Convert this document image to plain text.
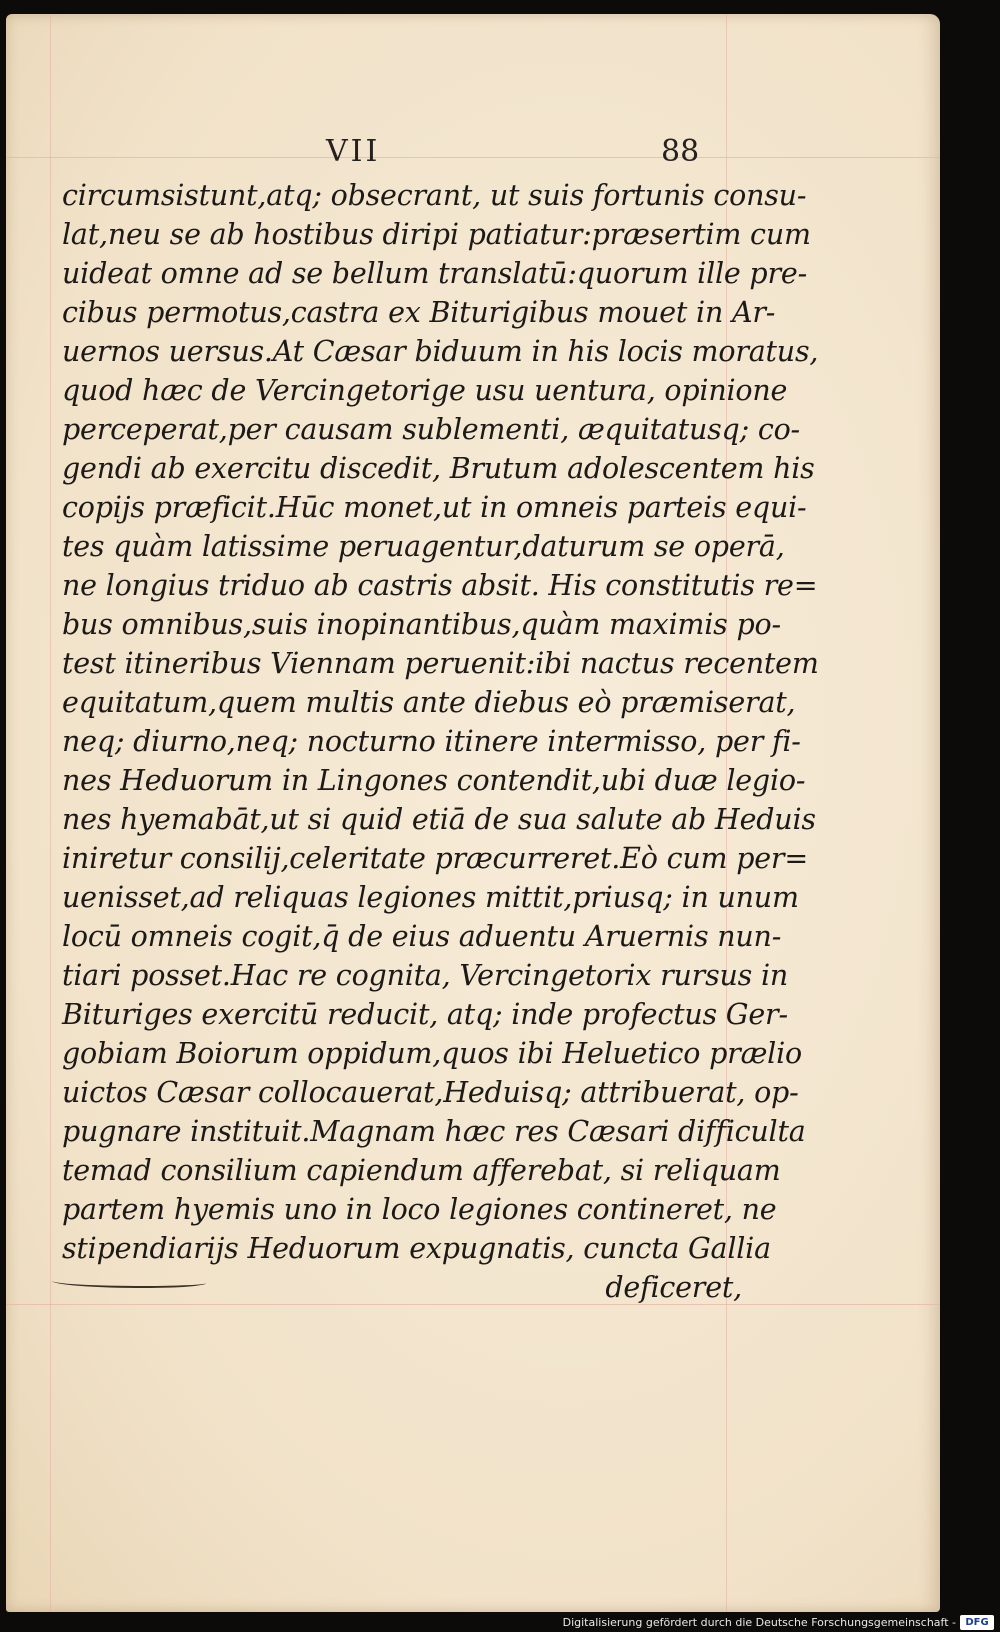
VII	88
circumsistunt,atq; obsecrant, ut suis fortunis consu-
lat,neu se ab hostibus diripi patiatur:præsertim cum
uideat omne ad se bellum translatū:quorum ille pre-
cibus permotus,castra ex Biturigibus mouet in Ar-
uernos uersus.At Cæsar biduum in his locis moratus,
quod hæc de Vercingetorige usu uentura, opinione
perceperat,per causam sublementi, æquitatusq; co-
gendi ab exercitu discedit, Brutum adolescentem his
copijs præficit.Hūc monet,ut in omneis parteis equi-
tes quàm latissime peruagentur,daturum se operā,
ne longius triduo ab castris absit. His constitutis re=
bus omnibus,suis inopinantibus,quàm maximis po-
test itineribus Viennam peruenit:ibi nactus recentem
equitatum,quem multis ante diebus eò præmiserat,
neq; diurno,neq; nocturno itinere intermisso, per fi-
nes Heduorum in Lingones contendit,ubi duæ legio-
nes hyemabāt,ut si quid etiā de sua salute ab Heduis
iniretur consilij,celeritate præcurreret.Eò cum per=
uenisset,ad reliquas legiones mittit,priusq; in unum
locū omneis cogit,q̄ de eius aduentu Aruernis nun-
tiari posset.Hac re cognita, Vercingetorix rursus in
Bituriges exercitū reducit, atq; inde profectus Ger-
gobiam Boiorum oppidum,quos ibi Heluetico prælio
uictos Cæsar collocauerat,Heduisq; attribuerat, op-
pugnare instituit.Magnam hæc res Cæsari difficulta
temad consilium capiendum afferebat, si reliquam
partem hyemis uno in loco legiones contineret, ne
stipendiarijs Heduorum expugnatis, cuncta Gallia
deficeret,
Digitalisierung gefördert durch die Deutsche Forschungsgemeinschaft - DFG
